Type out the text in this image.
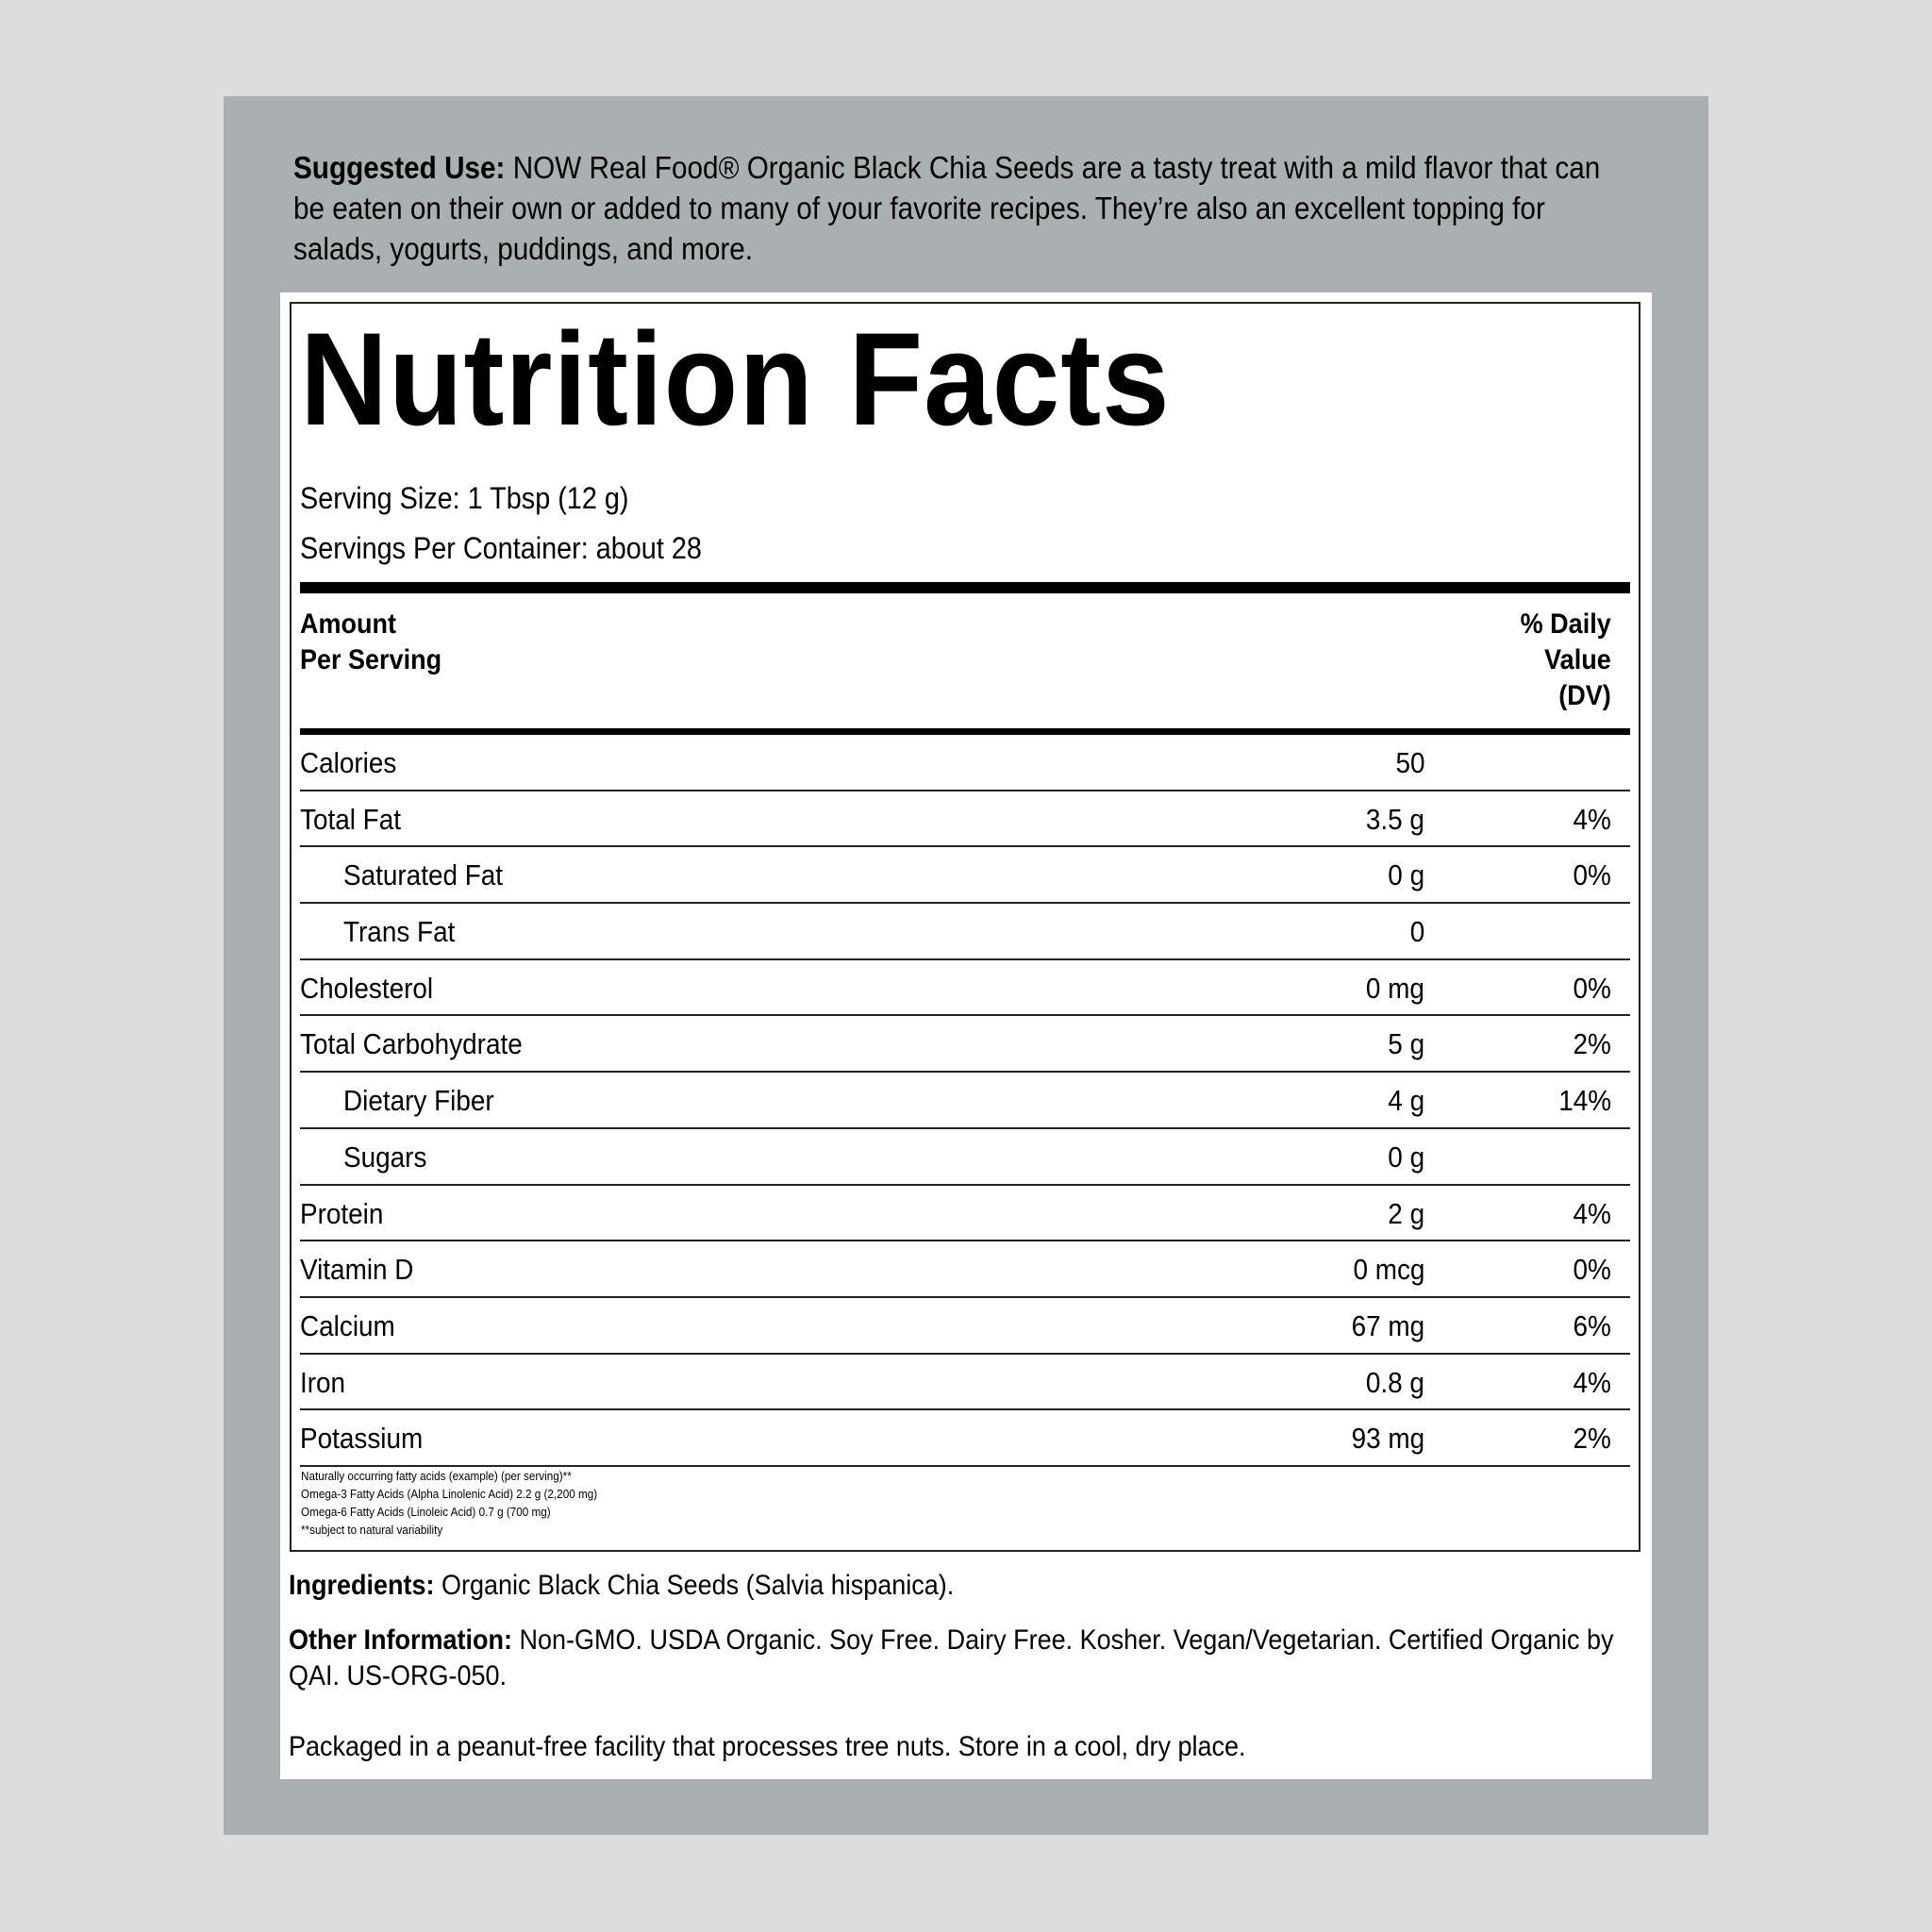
Suggested Use: NOW Real Food® Organic Black Chia Seeds are a tasty treat with a mild flavor that can be eaten on their own or added to many of your favorite recipes. They’re also an excellent topping for salads, yogurts, puddings, and more.
Nutrition Facts
Serving Size: 1 Tbsp (12 g)
Servings Per Container: about 28
Amount
Per Serving
% Daily
Value
(DV)
Calories	50
Total Fat	3.5 g	4%
Saturated Fat	0 g	0%
Trans Fat	0
Cholesterol	0 mg	0%
Total Carbohydrate	5 g	2%
Dietary Fiber	4 g	14%
Sugars	0 g
Protein	2 g	4%
Vitamin D	0 mcg	0%
Calcium	67 mg	6%
Iron	0.8 g	4%
Potassium	93 mg	2%
Naturally occurring fatty acids (example) (per serving)**
Omega-3 Fatty Acids (Alpha Linolenic Acid) 2.2 g (2,200 mg)
Omega-6 Fatty Acids (Linoleic Acid) 0.7 g (700 mg)
**subject to natural variability
Ingredients: Organic Black Chia Seeds (Salvia hispanica).
Other Information: Non-GMO. USDA Organic. Soy Free. Dairy Free. Kosher. Vegan/Vegetarian. Certified Organic by QAI. US-ORG-050.
Packaged in a peanut-free facility that processes tree nuts. Store in a cool, dry place.
